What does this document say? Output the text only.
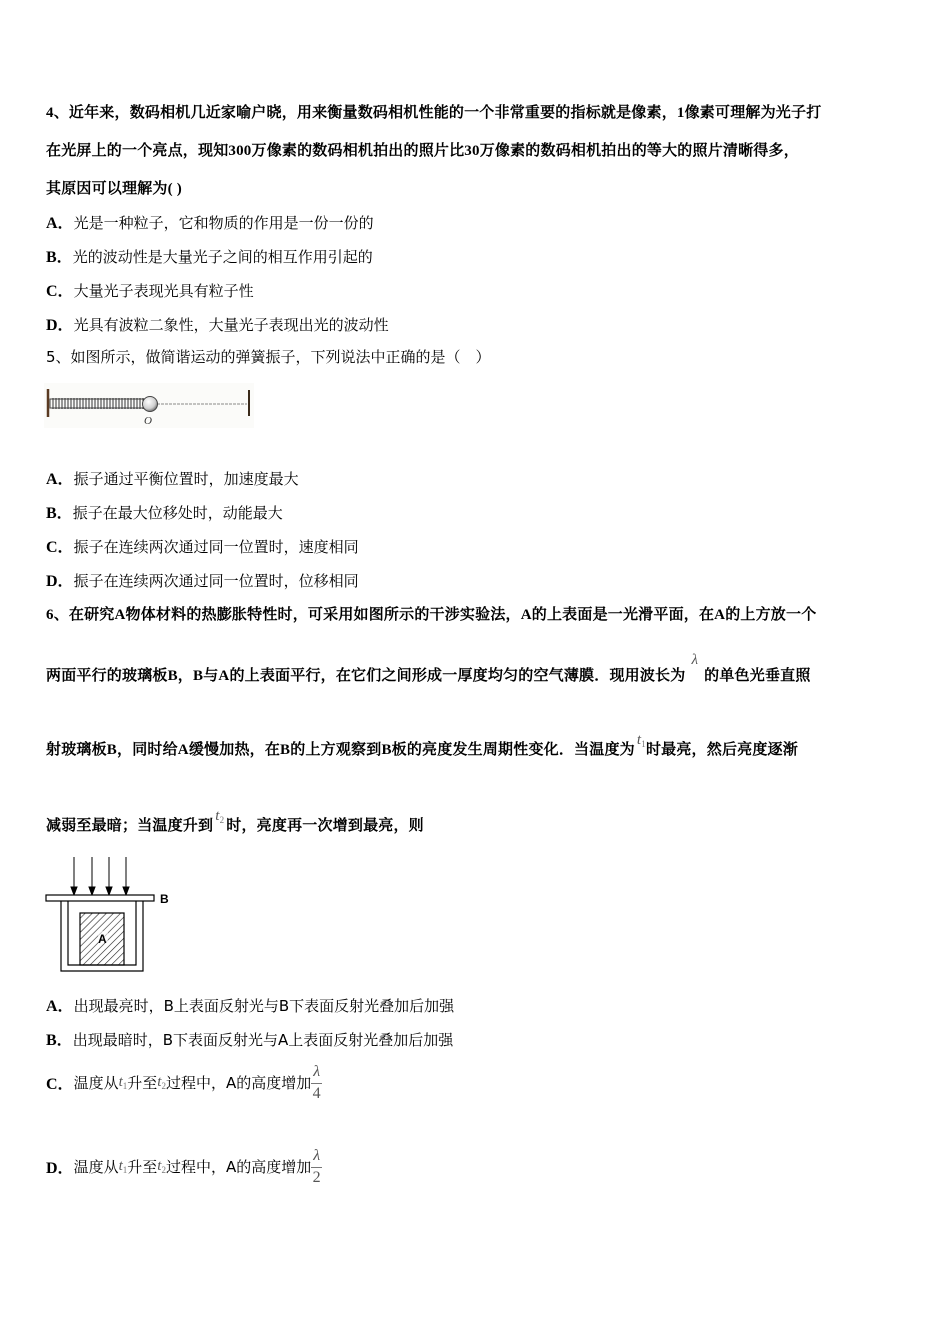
4、近年来，数码相机几近家喻户晓，用来衡量数码相机性能的一个非常重要的指标就是像素，1像素可理解为光子打
在光屏上的一个亮点，现知300万像素的数码相机拍出的照片比30万像素的数码相机拍出的等大的照片清晰得多，
其原因可以理解为( )
A．光是一种粒子，它和物质的作用是一份一份的
B．光的波动性是大量光子之间的相互作用引起的
C．大量光子表现光具有粒子性
D．光具有波粒二象性，大量光子表现出光的波动性
5、如图所示，做简谐运动的弹簧振子，下列说法中正确的是（　）
O
A．振子通过平衡位置时，加速度最大
B．振子在最大位移处时，动能最大
C．振子在连续两次通过同一位置时，速度相同
D．振子在连续两次通过同一位置时，位移相同
6、在研究A物体材料的热膨胀特性时，可采用如图所示的干涉实验法，A的上表面是一光滑平面，在A的上方放一个
两面平行的玻璃板B，B与A的上表面平行，在它们之间形成一厚度均匀的空气薄膜．现用波长为λ的单色光垂直照
射玻璃板B，同时给A缓慢加热，在B的上方观察到B板的亮度发生周期性变化．当温度为$t_1$时最亮，然后亮度逐渐
减弱至最暗；当温度升到$t_2$ 时，亮度再一次增到最亮，则
A
B
A．出现最亮时，B上表面反射光与B下表面反射光叠加后加强
B．出现最暗时，B下表面反射光与A上表面反射光叠加后加强
C．温度从$t_1$升至$t_2$过程中，A的高度增加 $\frac{\lambda}{4}$
D．温度从$t_1$升至$t_2$过程中，A的高度增加 $\frac{\lambda}{2}$
